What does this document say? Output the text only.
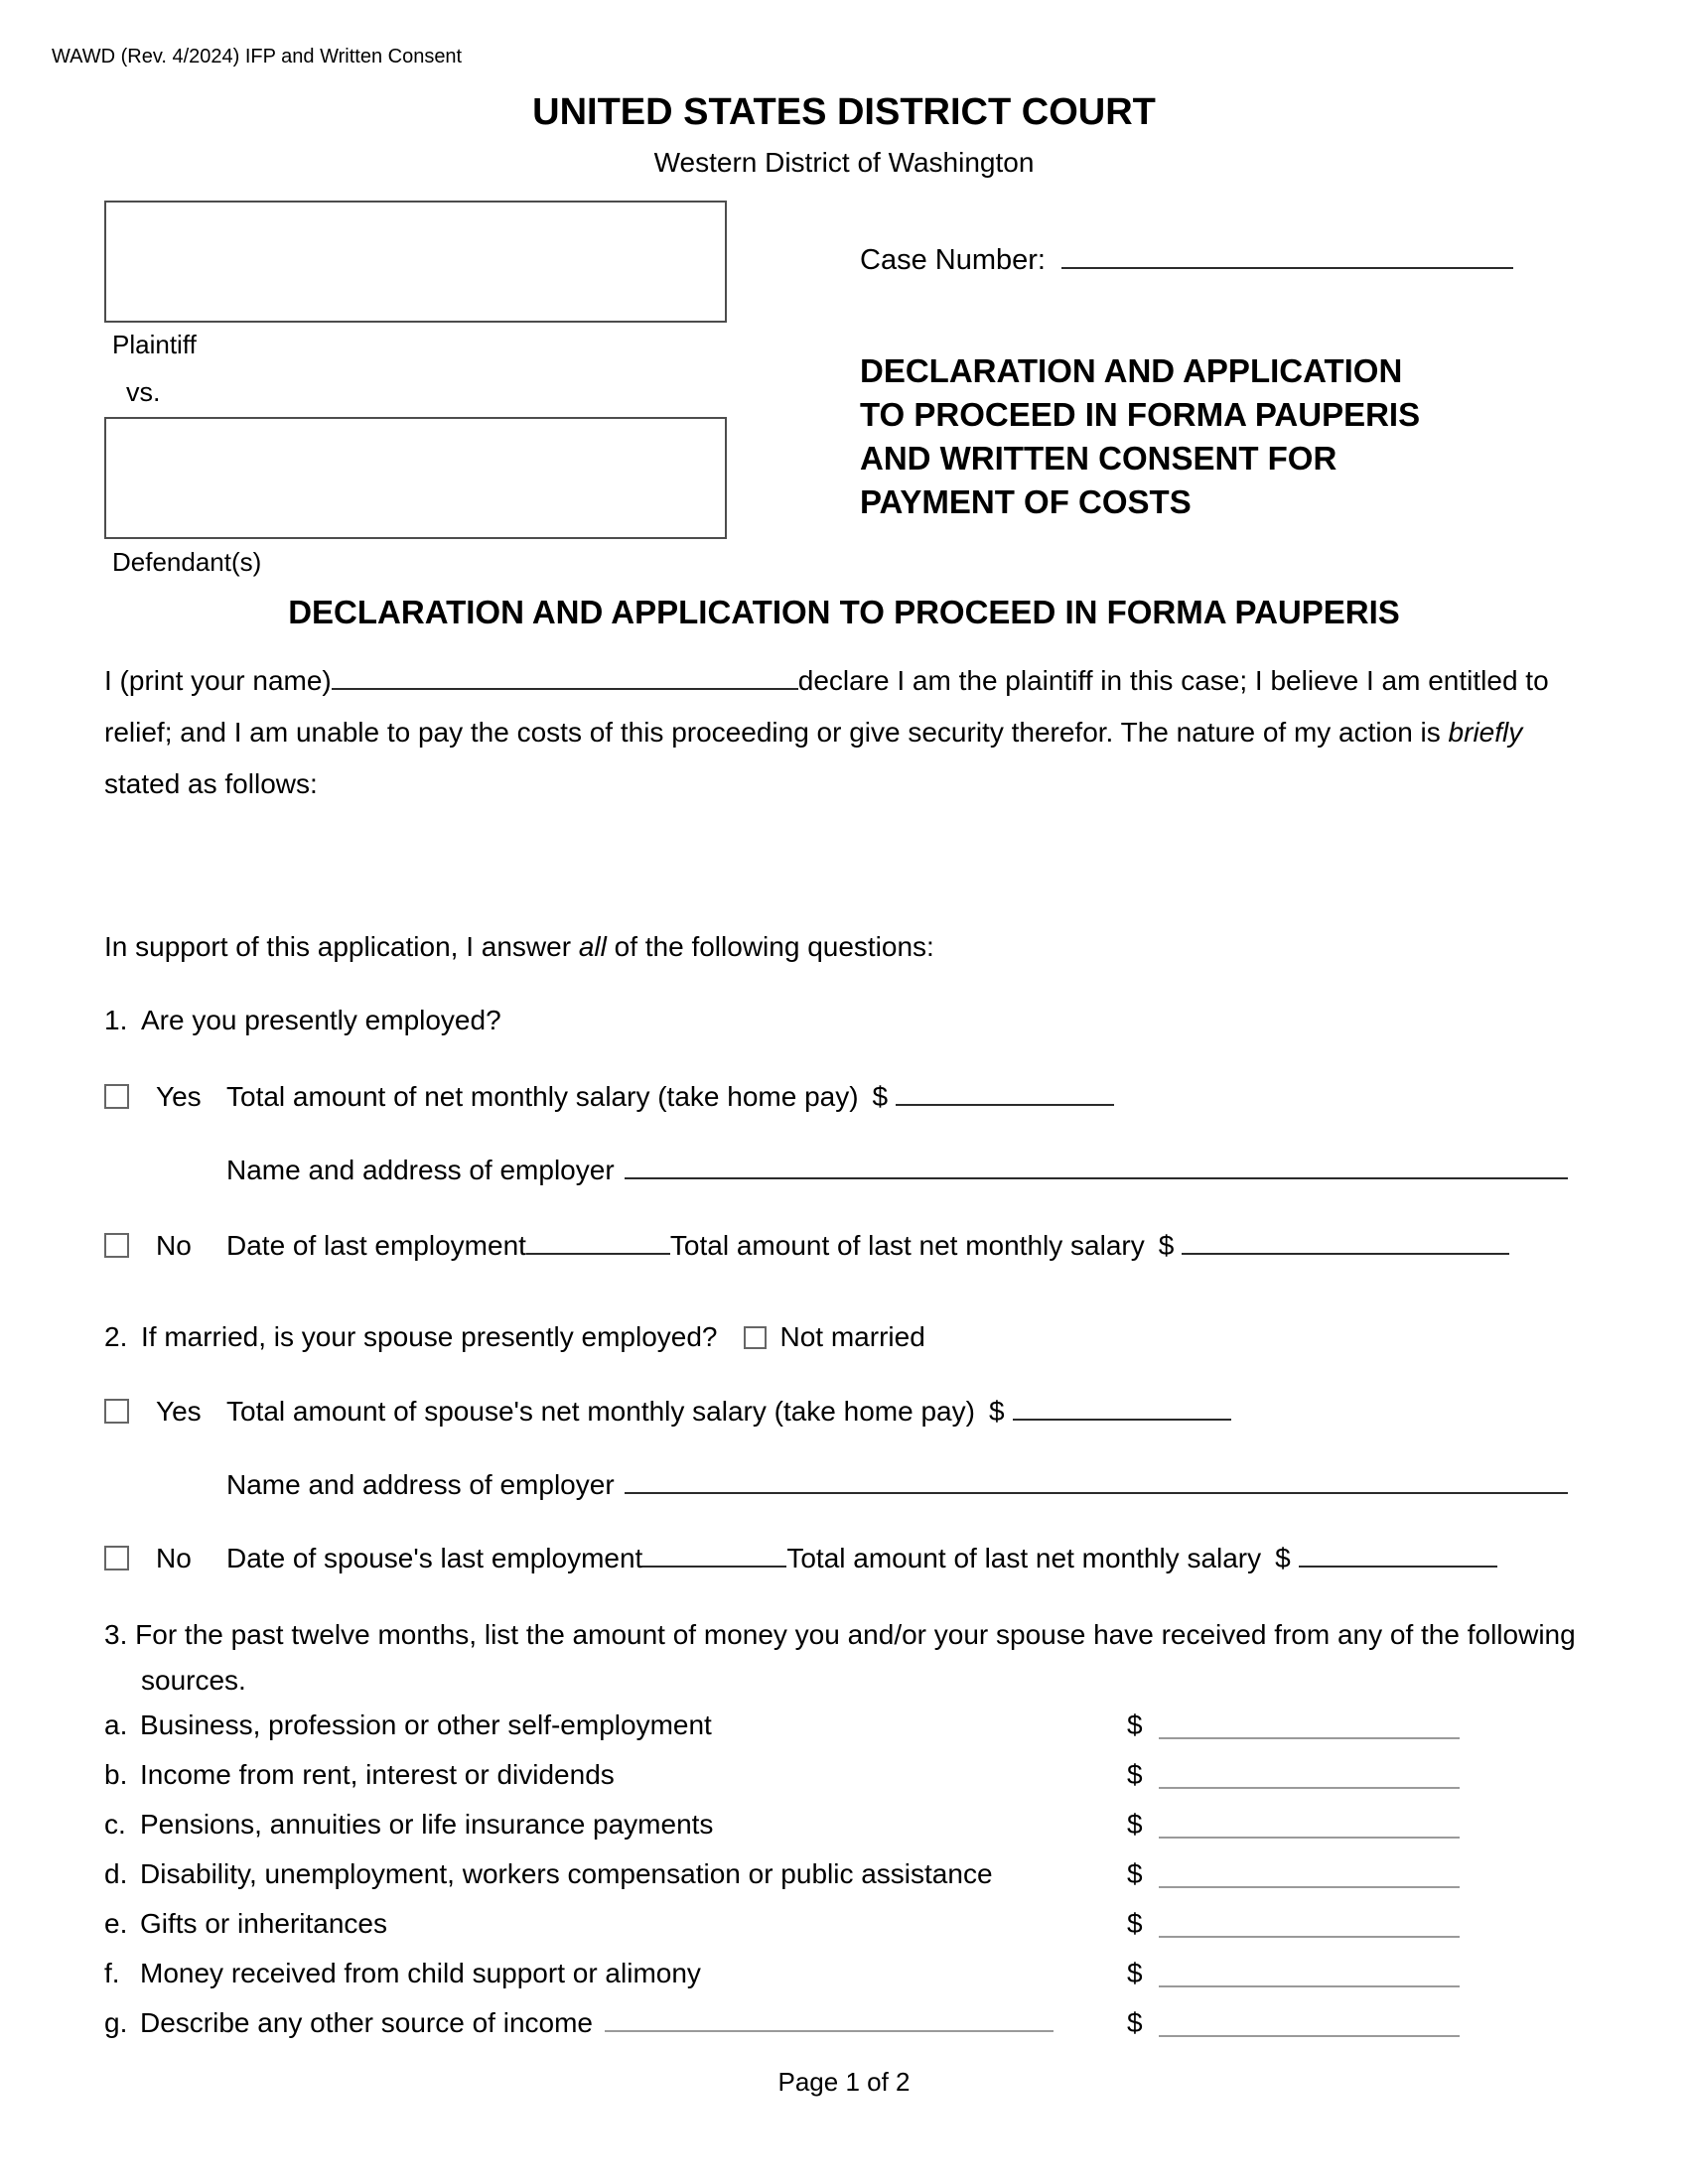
WAWD (Rev. 4/2024) IFP and Written Consent
UNITED STATES DISTRICT COURT
Western District of Washington
Plaintiff
vs.
Defendant(s)
Case Number:
DECLARATION AND APPLICATION
TO PROCEED IN FORMA PAUPERIS
AND WRITTEN CONSENT FOR
PAYMENT OF COSTS
DECLARATION AND APPLICATION TO PROCEED IN FORMA PAUPERIS
I (print your name)	declare I am the plaintiff in this case; I believe I am entitled to relief; and I am unable to pay the costs of this proceeding or give security therefor. The nature of my action is briefly stated as follows:
In support of this application, I answer all of the following questions:
1. Are you presently employed?
Yes Total amount of net monthly salary (take home pay) $
Name and address of employer
No Date of last employment	Total amount of last net monthly salary $
2. If married, is your spouse presently employed? Not married
Yes Total amount of spouse's net monthly salary (take home pay) $
Name and address of employer
No Date of spouse's last employment	Total amount of last net monthly salary $
3. For the past twelve months, list the amount of money you and/or your spouse have received from any of the following sources.
a. Business, profession or other self-employment	$
b. Income from rent, interest or dividends	$
c. Pensions, annuities or life insurance payments	$
d. Disability, unemployment, workers compensation or public assistance	$
e. Gifts or inheritances	$
f. Money received from child support or alimony	$
g. Describe any other source of income	$
Page 1 of 2
